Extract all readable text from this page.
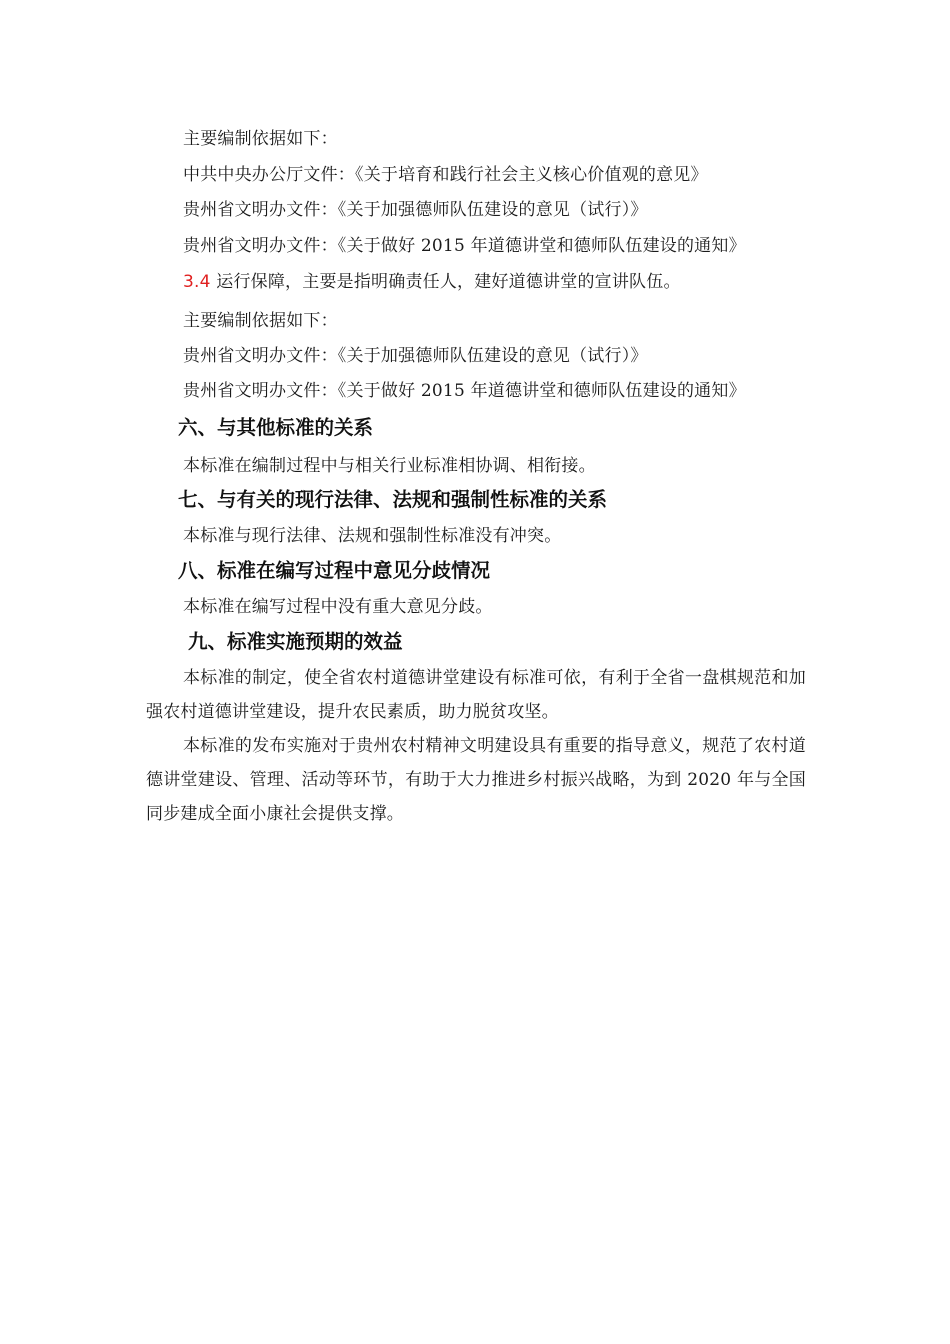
主要编制依据如下：
中共中央办公厅文件：《关于培育和践行社会主义核心价值观的意见》
贵州省文明办文件：《关于加强德师队伍建设的意见（试行）》
贵州省文明办文件：《关于做好 2015 年道德讲堂和德师队伍建设的通知》
3.4 运行保障，主要是指明确责任人，建好道德讲堂的宣讲队伍。
主要编制依据如下：
贵州省文明办文件：《关于加强德师队伍建设的意见（试行）》
贵州省文明办文件：《关于做好 2015 年道德讲堂和德师队伍建设的通知》
六、与其他标准的关系
本标准在编制过程中与相关行业标准相协调、相衔接。
七、与有关的现行法律、法规和强制性标准的关系
本标准与现行法律、法规和强制性标准没有冲突。
八、标准在编写过程中意见分歧情况
本标准在编写过程中没有重大意见分歧。
九、标准实施预期的效益
本标准的制定，使全省农村道德讲堂建设有标准可依，有利于全省一盘棋规范和加强农村道德讲堂建设，提升农民素质，助力脱贫攻坚。
本标准的发布实施对于贵州农村精神文明建设具有重要的指导意义，规范了农村道德讲堂建设、管理、活动等环节，有助于大力推进乡村振兴战略，为到 2020 年与全国同步建成全面小康社会提供支撑。
